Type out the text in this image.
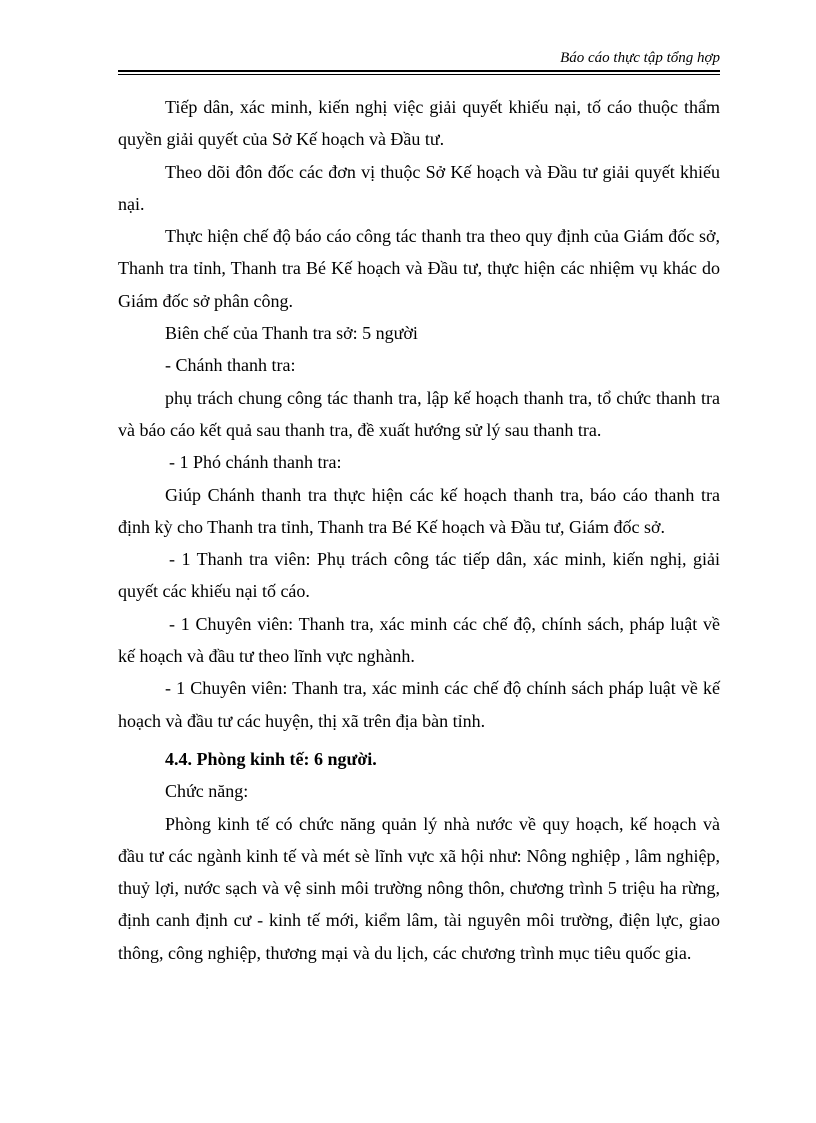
Báo cáo thực tập tổng hợp

Tiếp dân, xác minh, kiến nghị việc giải quyết khiếu nại, tố cáo thuộc thẩm quyền giải quyết của Sở Kế hoạch và Đầu tư.

Theo dõi đôn đốc các đơn vị thuộc Sở Kế hoạch và Đầu tư giải quyết khiếu nại.

Thực hiện chế độ báo cáo công tác thanh tra theo quy định của Giám đốc sở, Thanh tra tỉnh, Thanh tra Bé Kế hoạch và Đầu tư, thực hiện các nhiệm vụ khác do Giám đốc sở phân công.

Biên chế của Thanh tra sở: 5 người

- Chánh thanh tra:

phụ trách chung công tác thanh tra, lập kế hoạch thanh tra, tổ chức thanh tra và báo cáo kết quả sau thanh tra, đề xuất hướng sử lý sau thanh tra.

- 1 Phó chánh thanh tra:

Giúp Chánh thanh tra thực hiện các kế hoạch thanh tra, báo cáo thanh tra định kỳ cho Thanh tra tỉnh, Thanh tra Bé Kế hoạch và Đầu tư, Giám đốc sở.

- 1 Thanh tra viên: Phụ trách công tác tiếp dân, xác minh, kiến nghị, giải quyết các khiếu nại tố cáo.

- 1 Chuyên viên: Thanh tra, xác minh các chế độ, chính sách, pháp luật về kế hoạch và đầu tư theo lĩnh vực nghành.

- 1 Chuyên viên: Thanh tra, xác minh các chế độ chính sách pháp luật về kế hoạch và đầu tư các huyện, thị xã trên địa bàn tỉnh.

4.4. Phòng kinh tế: 6 người.

Chức năng:

Phòng kinh tế có chức năng quản lý nhà nước về quy hoạch, kế hoạch và đầu tư các ngành kinh tế và mét sè lĩnh vực xã hội như: Nông nghiệp , lâm nghiệp, thuỷ lợi, nước sạch và vệ sinh môi trường nông thôn, chương trình 5 triệu ha rừng, định canh định cư - kinh tế mới, kiểm lâm, tài nguyên môi trường, điện lực, giao thông, công nghiệp, thương mại và du lịch, các chương trình mục tiêu quốc gia.
